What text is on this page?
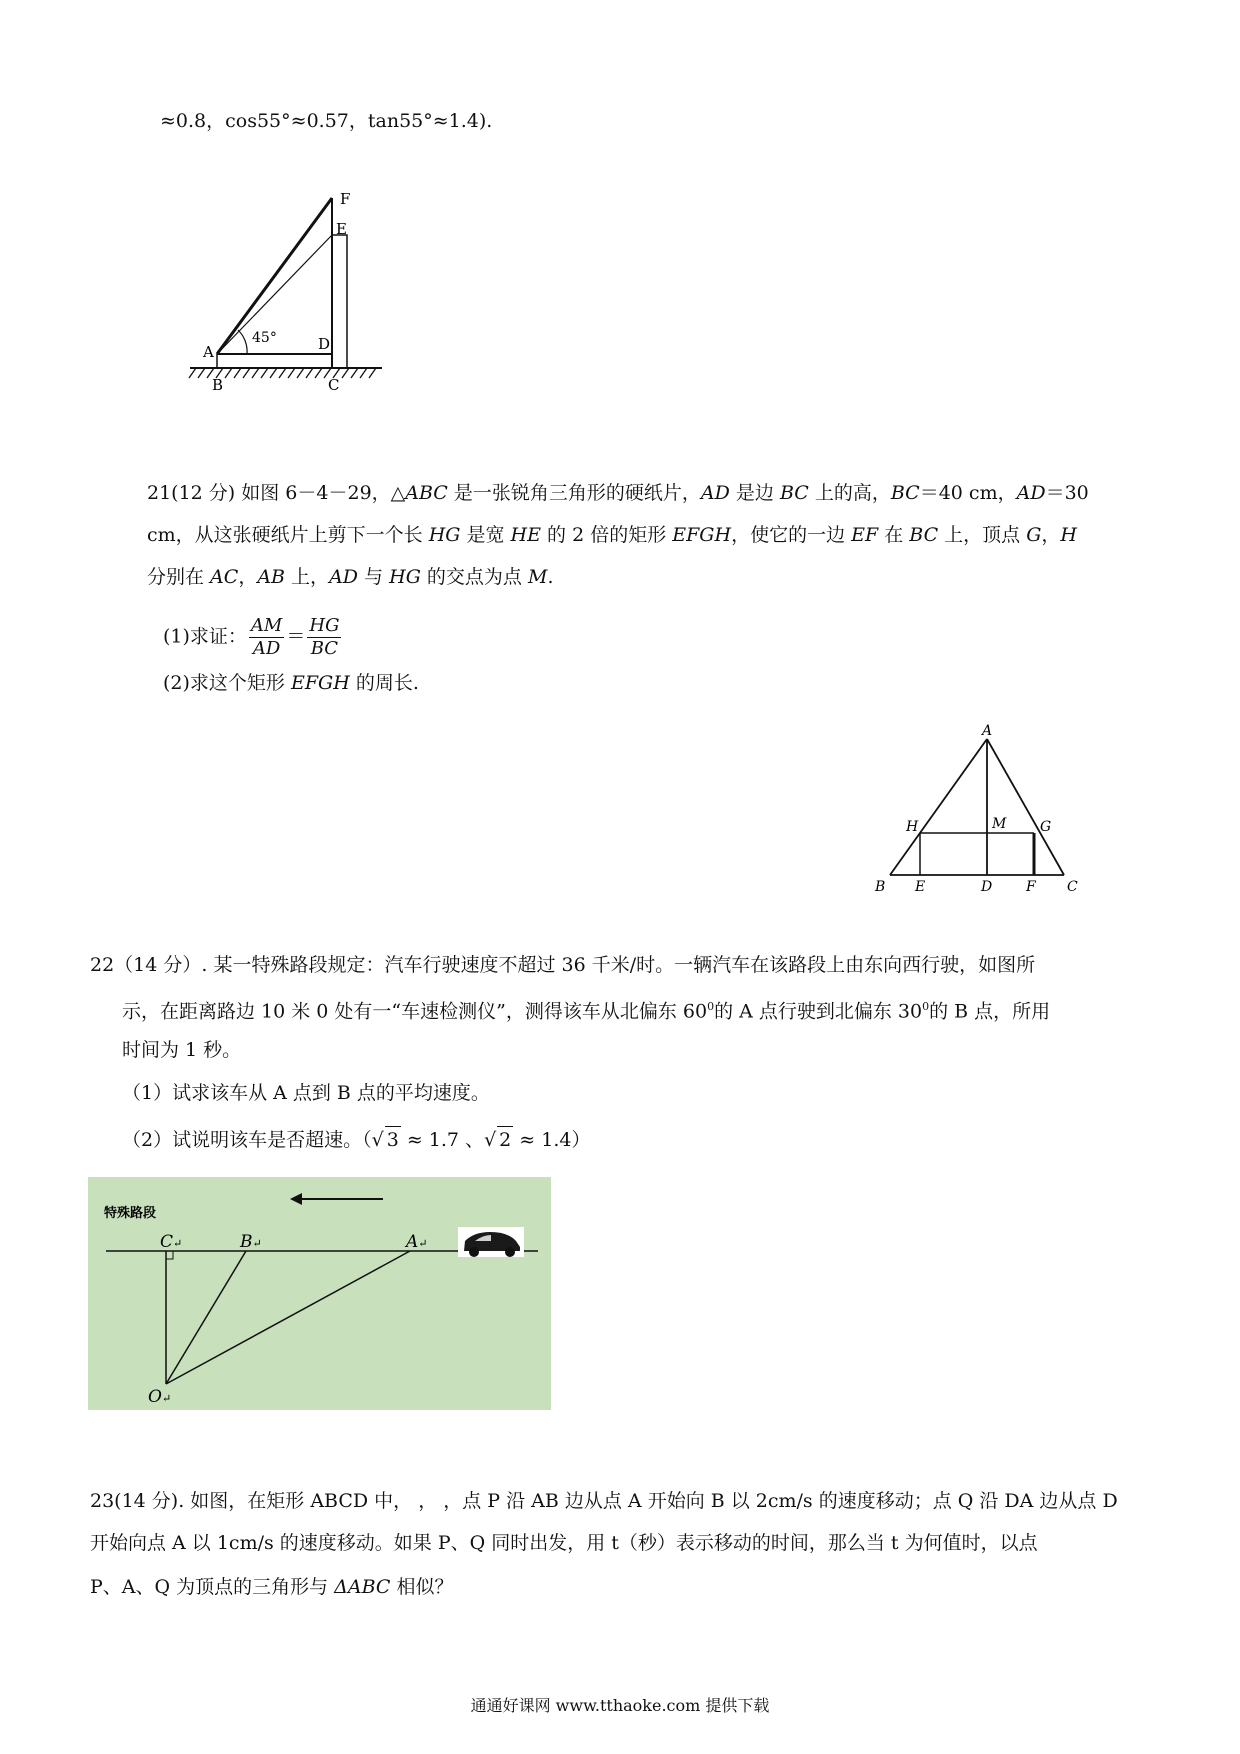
≈0.8，cos55°≈0.57，tan55°≈1.4).
F
E
A	D
B	C
45°
21(12 分) 如图 6－4－29，△ABC 是一张锐角三角形的硬纸片，AD 是边 BC 上的高，BC＝40 cm，AD＝30
cm，从这张硬纸片上剪下一个长 HG 是宽 HE 的 2 倍的矩形 EFGH，使它的一边 EF 在 BC 上，顶点 G，H
分别在 AC，AB 上，AD 与 HG 的交点为点 M.
(1)求证： $\frac{AM}{AD} = \frac{HG}{BC}$
(2)求这个矩形 EFGH 的周长.
A
H	M G
B E	D F C
22（14 分）. 某一特殊路段规定：汽车行驶速度不超过 36 千米/时。一辆汽车在该路段上由东向西行驶，如图所
示，在距离路边 10 米 0 处有一“车速检测仪”，测得该车从北偏东 $60^0$的 A 点行驶到北偏东 $30^0$的 B 点，所用
时间为 1 秒。
（1）试求该车从 A 点到 B 点的平均速度。
（2）试说明该车是否超速。（√ 3 ≈ 1.7 、√ 2 ≈ 1.4）
特殊路段
C↵	B↵	A↵
O↵
23(14 分). 如图，在矩形 ABCD 中， ， ，点 P 沿 AB 边从点 A 开始向 B 以 2cm/s 的速度移动；点 Q 沿 DA 边从点 D
开始向点 A 以 1cm/s 的速度移动。如果 P、Q 同时出发，用 t（秒）表示移动的时间，那么当 t 为何值时，以点
P、A、Q 为顶点的三角形与 ΔABC 相似？
通通好课网 www.tthaoke.com 提供下载
